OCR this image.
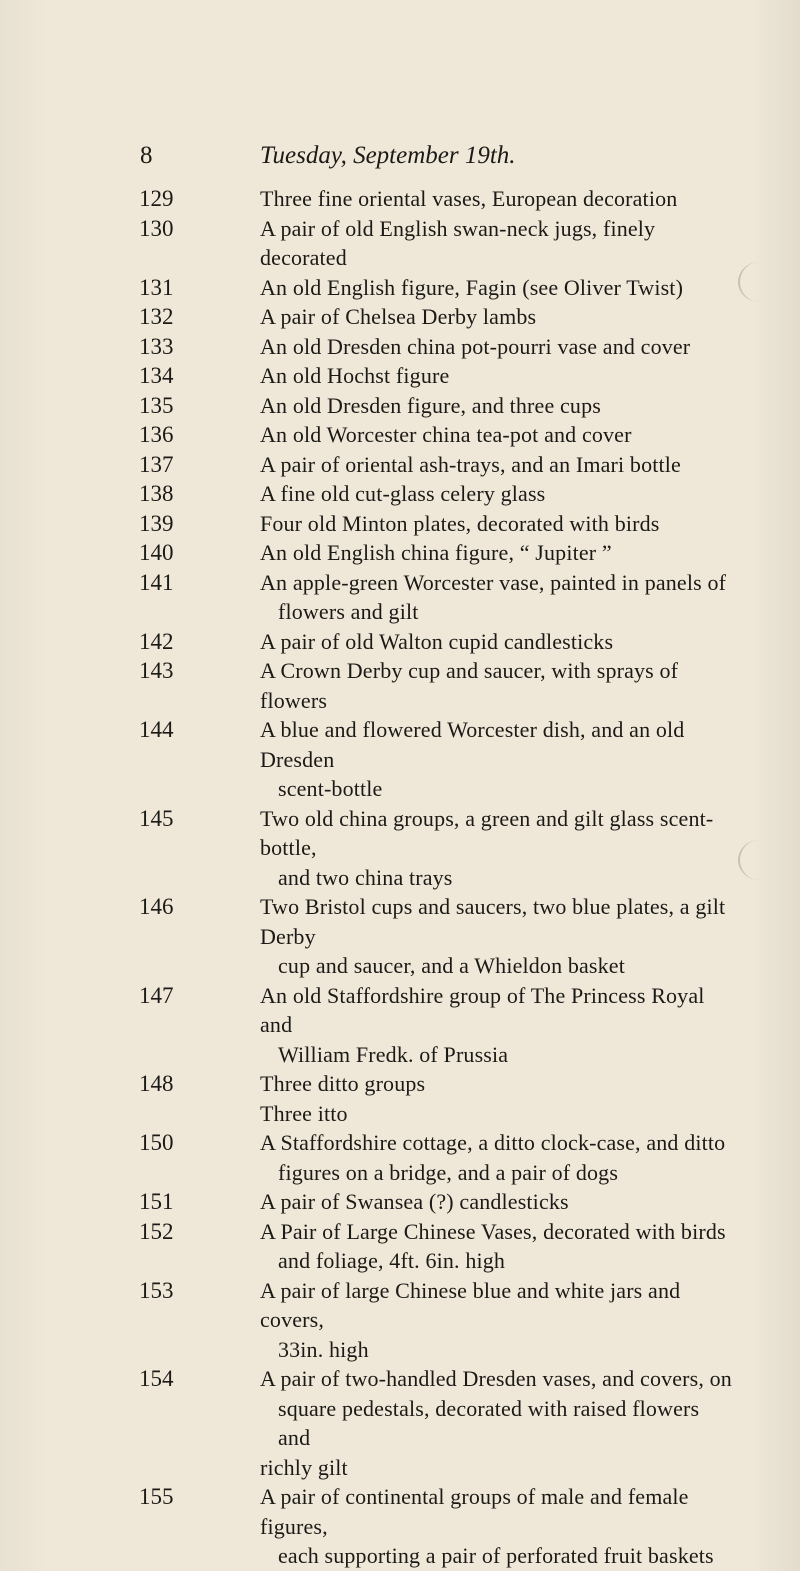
8	Tuesday, September 19th.
129	Three fine oriental vases, European decoration
130	A pair of old English swan-neck jugs, finely decorated
131	An old English figure, Fagin (see Oliver Twist)
132	A pair of Chelsea Derby lambs
133	An old Dresden china pot-pourri vase and cover
134	An old Hochst figure
135	An old Dresden figure, and three cups
136	An old Worcester china tea-pot and cover
137	A pair of oriental ash-trays, and an Imari bottle
138	A fine old cut-glass celery glass
139	Four old Minton plates, decorated with birds
140	An old English china figure, “ Jupiter ”
141	An apple-green Worcester vase, painted in panels of
flowers and gilt
142	A pair of old Walton cupid candlesticks
143	A Crown Derby cup and saucer, with sprays of flowers
144	A blue and flowered Worcester dish, and an old Dresden
scent-bottle
145	Two old china groups, a green and gilt glass scent-bottle,
and two china trays
146	Two Bristol cups and saucers, two blue plates, a gilt Derby
cup and saucer, and a Whieldon basket
147	An old Staffordshire group of The Princess Royal and
William Fredk. of Prussia
148	Three ditto groups
Three itto
150	A Staffordshire cottage, a ditto clock-case, and ditto
figures on a bridge, and a pair of dogs
151	A pair of Swansea (?) candlesticks
152	A Pair of Large Chinese Vases, decorated with birds
and foliage, 4ft. 6in. high
153	A pair of large Chinese blue and white jars and covers,
33in. high
154	A pair of two-handled Dresden vases, and covers, on
square pedestals, decorated with raised flowers and
richly gilt
155	A pair of continental groups of male and female figures,
each supporting a pair of perforated fruit baskets
